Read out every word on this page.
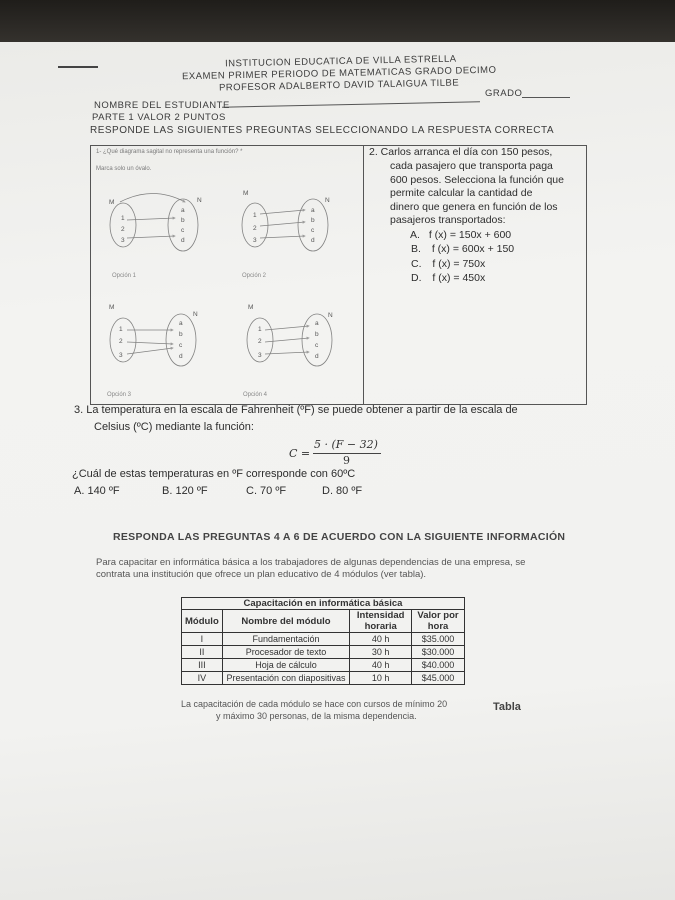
INSTITUCION EDUCATICA DE VILLA ESTRELLA
EXAMEN PRIMER PERIODO DE MATEMATICAS GRADO DECIMO
PROFESOR ADALBERTO DAVID TALAIGUA TILBE	GRADO
NOMBRE DEL ESTUDIANTE
PARTE 1 VALOR 2 PUNTOS
RESPONDE LAS SIGUIENTES PREGUNTAS SELECCIONANDO LA RESPUESTA CORRECTA
1- ¿Qué diagrama sagital no representa una función? *
Marca solo un óvalo.
M	N
M
N
M
N
M
N
1
2
3
1
2
3
1
2
3
1
2
3
a
b
c
d
a
b
c
d
a
b
c
d
a
b
c
d
Opción 1	Opción 2
Opción 3	Opción 4
2. Carlos arranca el día con 150 pesos,
cada pasajero que transporta paga
600 pesos. Selecciona la función que
permite calcular la cantidad de
dinero que genera en función de los
pasajeros transportados:
A. f (x) = 150x + 600
B. f (x) = 600x + 150
C. f (x) = 750x
D. f (x) = 450x
3. La temperatura en la escala de Fahrenheit (ºF) se puede obtener a partir de la escala de
Celsius (ºC) mediante la función:
C =
5 · (F − 32)
9
¿Cuál de estas temperaturas en ºF corresponde con 60ºC
A. 140 ºF	B. 120 ºF	C. 70 ºF	D. 80 ºF
RESPONDA LAS PREGUNTAS 4 A 6 DE ACUERDO CON LA SIGUIENTE INFORMACIÓN
Para capacitar en informática básica a los trabajadores de algunas dependencias de una empresa, se
contrata una institución que ofrece un plan educativo de 4 módulos (ver tabla).
Capacitación en informática básica			
Módulo	Nombre del módulo	Intensidad horaria	Valor por hora
I	Fundamentación	40 h	$35.000
II	Procesador de texto	30 h	$30.000
III	Hoja de cálculo	40 h	$40.000
IV	Presentación con diapositivas	10 h	$45.000
La capacitación de cada módulo se hace con cursos de mínimo 20
y máximo 30 personas, de la misma dependencia.
Tabla
